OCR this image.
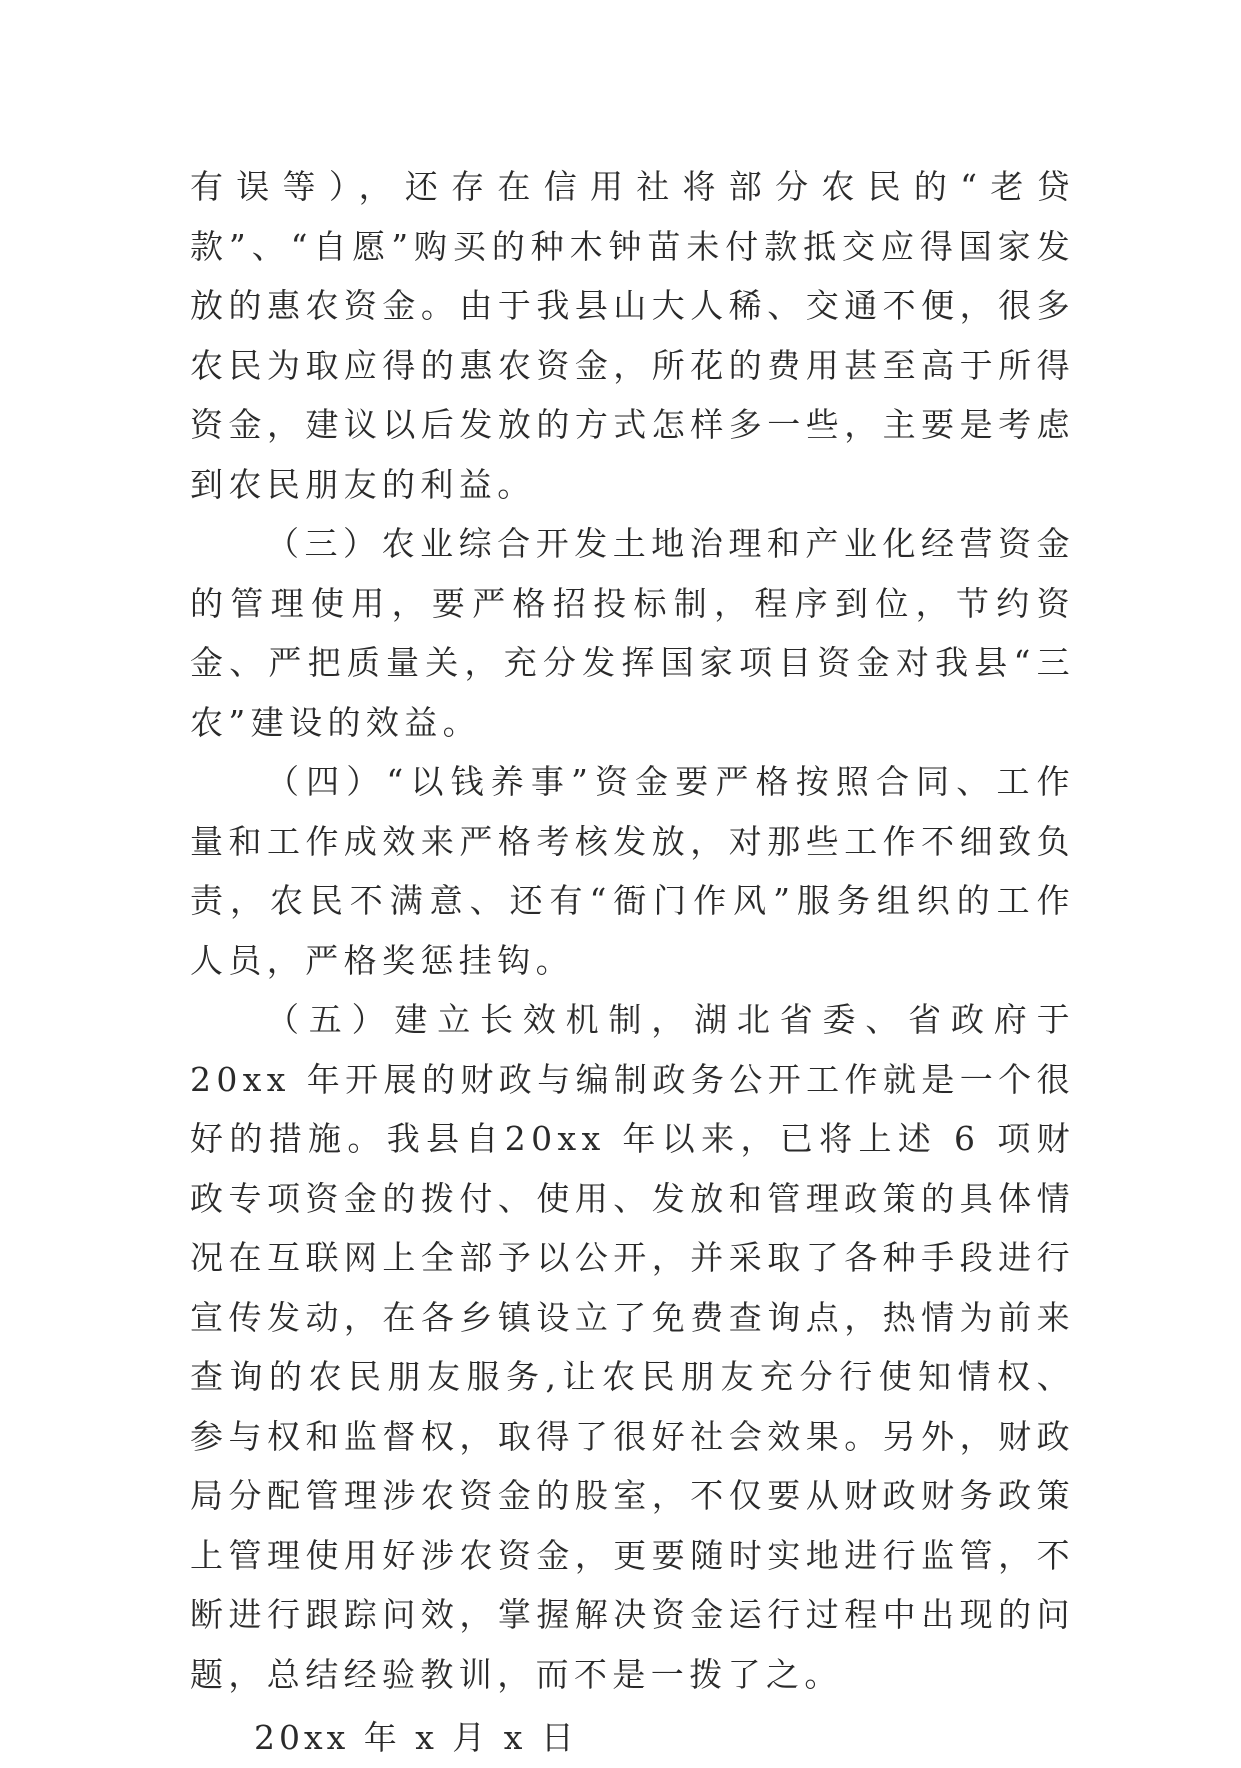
有误等），还存在信用社将部分农民的“老贷款”、“自愿”购买的种木钟苗未付款抵交应得国家发放的惠农资金。由于我县山大人稀、交通不便，很多农民为取应得的惠农资金，所花的费用甚至高于所得资金，建议以后发放的方式怎样多一些，主要是考虑到农民朋友的利益。

（三）农业综合开发土地治理和产业化经营资金的管理使用，要严格招投标制，程序到位，节约资金、严把质量关，充分发挥国家项目资金对我县“三农”建设的效益。

（四）“以钱养事”资金要严格按照合同、工作量和工作成效来严格考核发放，对那些工作不细致负责，农民不满意、还有“衙门作风”服务组织的工作人员，严格奖惩挂钩。

（五）建立长效机制，湖北省委、省政府于 20xx 年开展的财政与编制政务公开工作就是一个很好的措施。我县自20xx 年以来，已将上述 6 项财政专项资金的拨付、使用、发放和管理政策的具体情况在互联网上全部予以公开，并采取了各种手段进行宣传发动，在各乡镇设立了免费查询点，热情为前来查询的农民朋友服务,让农民朋友充分行使知情权、参与权和监督权，取得了很好社会效果。另外，财政局分配管理涉农资金的股室，不仅要从财政财务政策上管理使用好涉农资金，更要随时实地进行监管，不断进行跟踪问效，掌握解决资金运行过程中出现的问题，总结经验教训，而不是一拨了之。

20xx 年 x 月 x 日
